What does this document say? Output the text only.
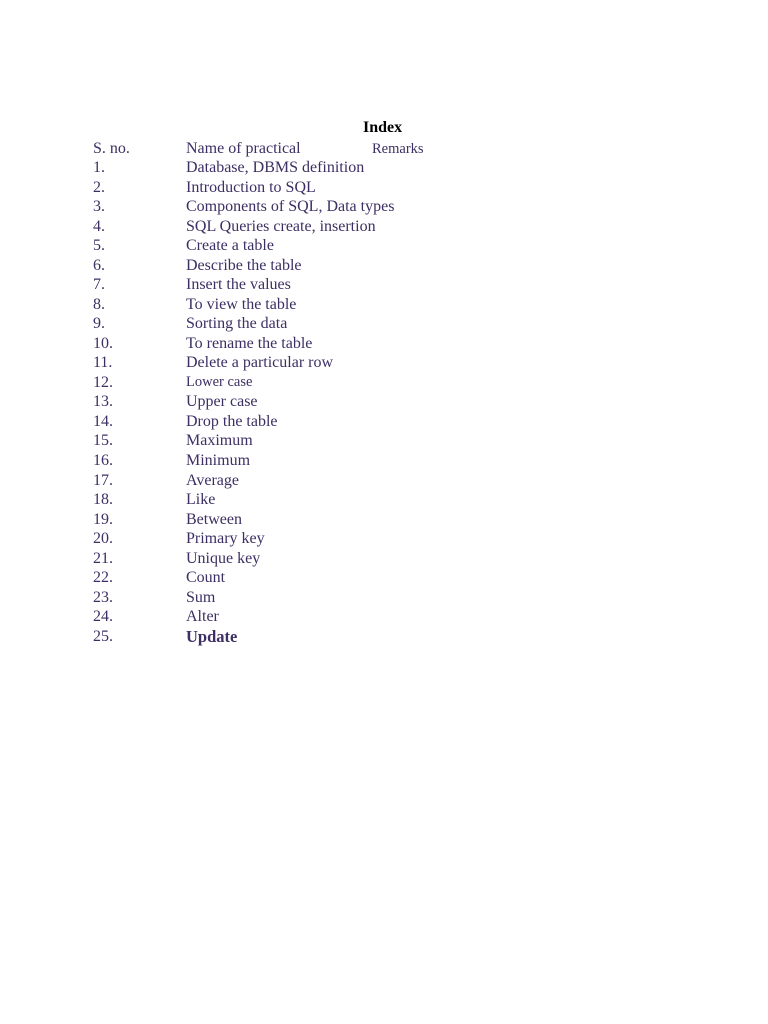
Index
S. no.	Name of practical	Remarks
1.	Database, DBMS definition
2.	Introduction to SQL
3.	Components of SQL, Data types
4.	SQL Queries create, insertion
5.	Create a table
6.	Describe the table
7.	Insert the values
8.	To view the table
9.	Sorting the data
10.	To rename the table
11.	Delete a particular row
12.	Lower case
13.	Upper case
14.	Drop the table
15.	Maximum
16.	Minimum
17.	Average
18.	Like
19.	Between
20.	Primary key
21.	Unique key
22.	Count
23.	Sum
24.	Alter
25.	Update
